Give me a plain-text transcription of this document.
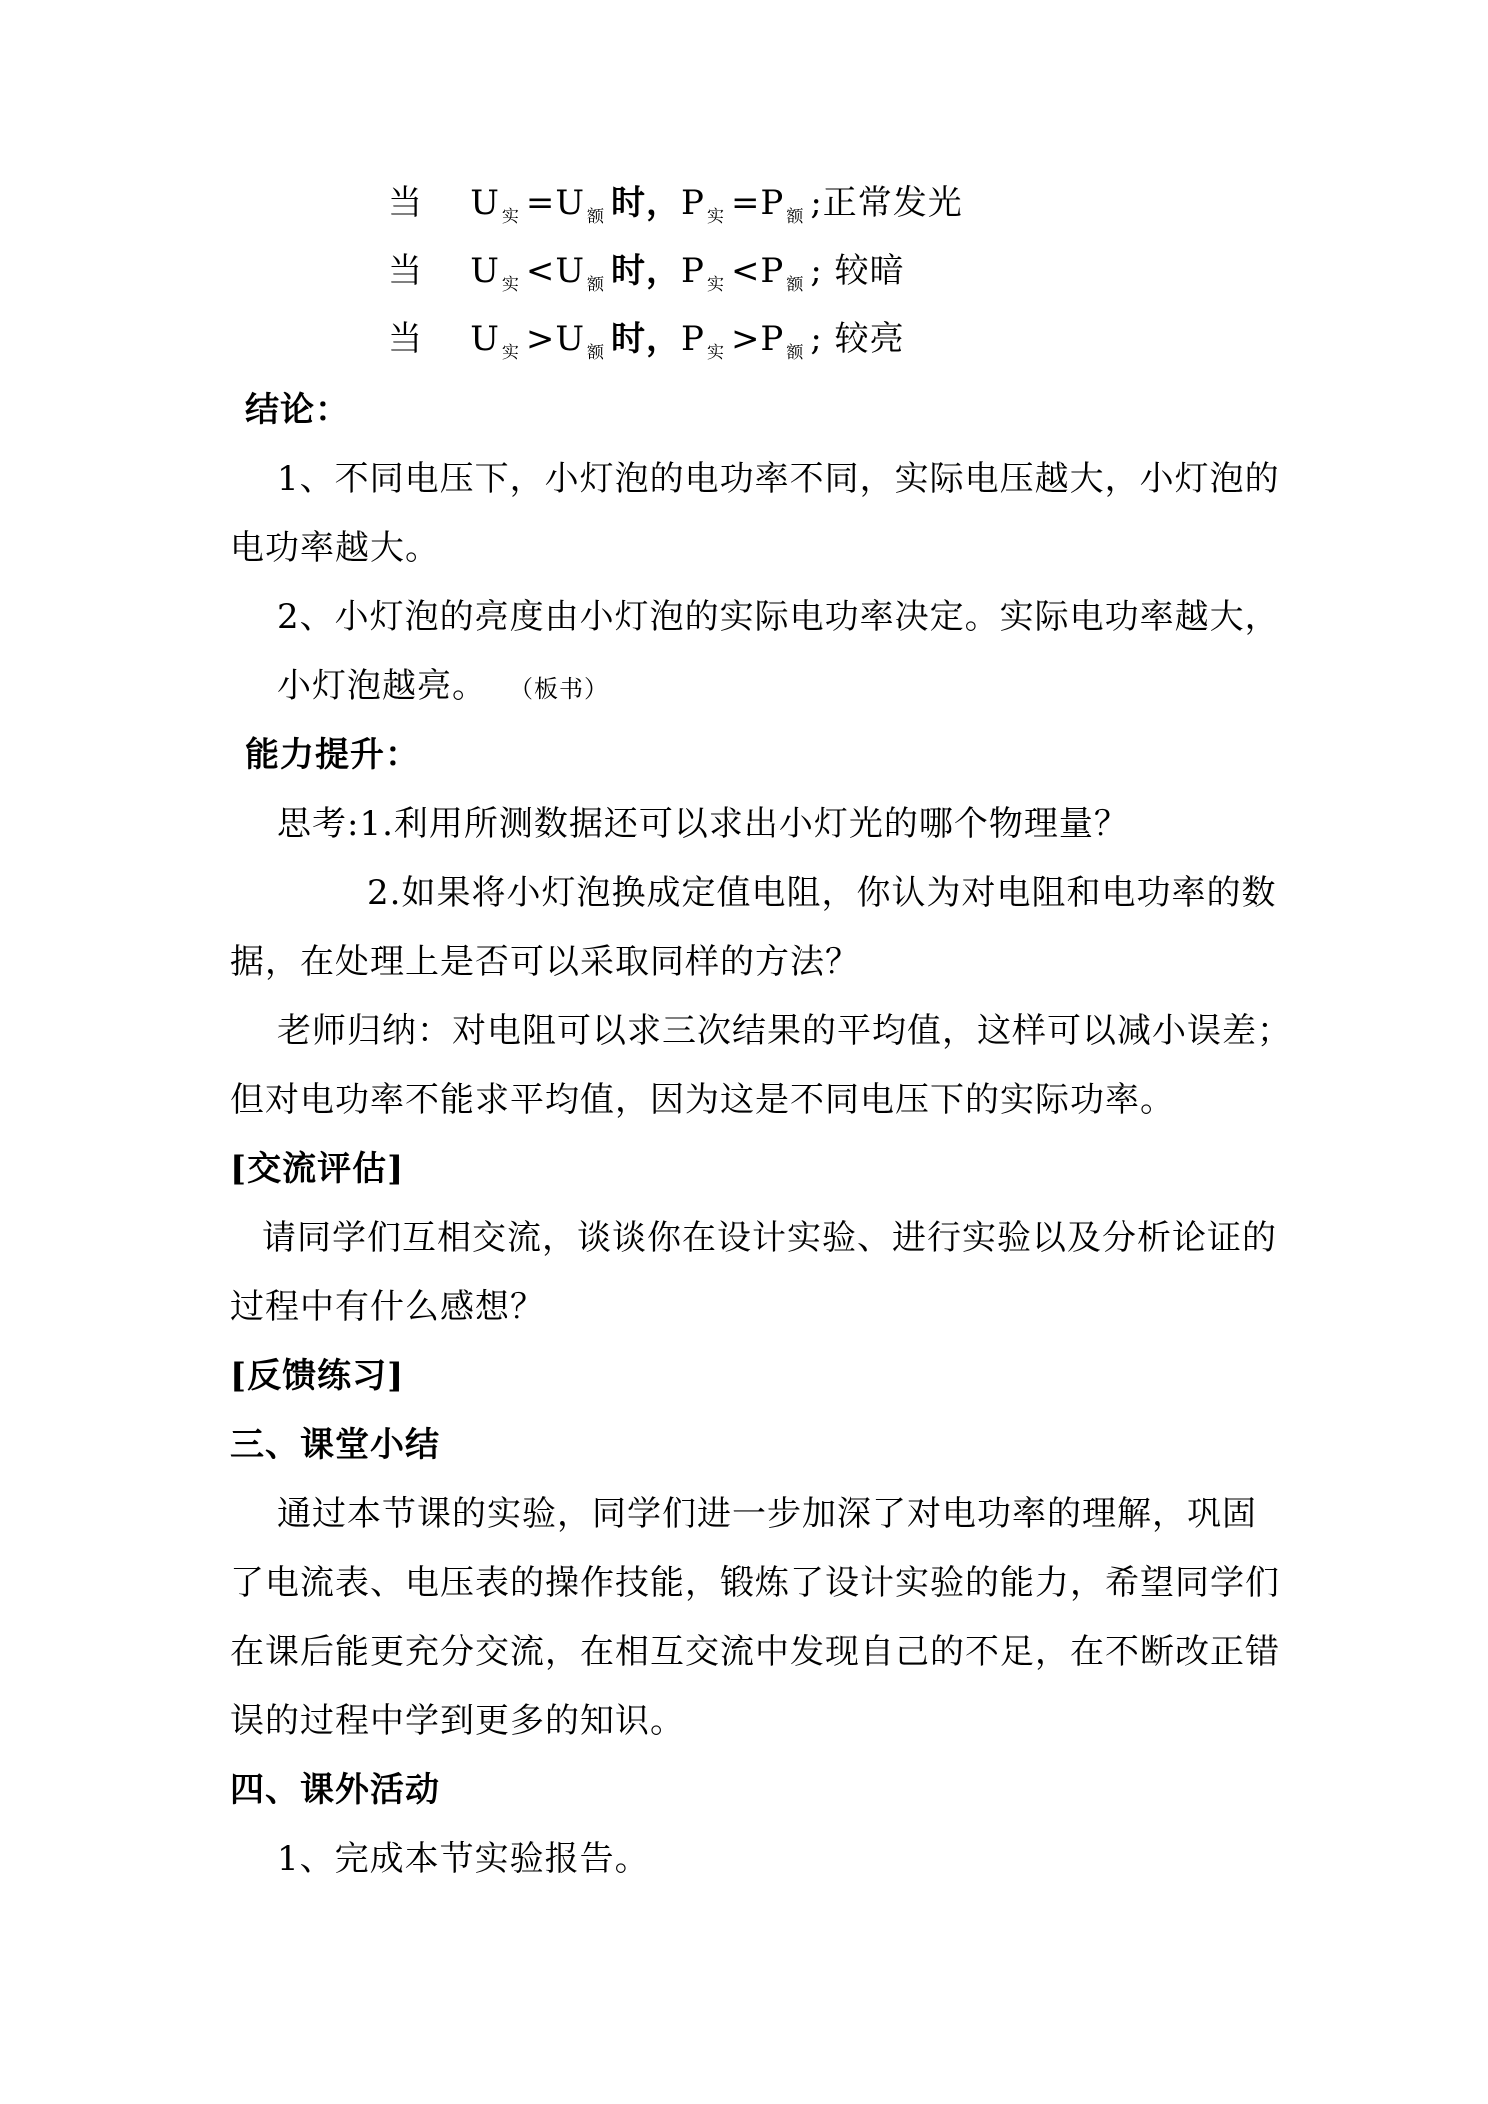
当 U $_实$ =U $_额$ 时，P $_实$ =P $_额$ ;正常发光
当 U $_实$ <U $_额$ 时，P $_实$ <P $_额$ ; 较暗
当 U $_实$ >U $_额$ 时，P $_实$ >P $_额$ ; 较亮
结论：
1、不同电压下，小灯泡的电功率不同，实际电压越大，小灯泡的
电功率越大。
2、小灯泡的亮度由小灯泡的实际电功率决定。实际电功率越大，
小灯泡越亮。 （板书）
能力提升：
思考:1.利用所测数据还可以求出小灯光的哪个物理量？
2.如果将小灯泡换成定值电阻，你认为对电阻和电功率的数
据，在处理上是否可以采取同样的方法？
老师归纳：对电阻可以求三次结果的平均值，这样可以减小误差；
但对电功率不能求平均值，因为这是不同电压下的实际功率。
[交流评估]
请同学们互相交流，谈谈你在设计实验、进行实验以及分析论证的
过程中有什么感想？
[反馈练习]
三、课堂小结
通过本节课的实验，同学们进一步加深了对电功率的理解，巩固
了电流表、电压表的操作技能，锻炼了设计实验的能力，希望同学们
在课后能更充分交流，在相互交流中发现自己的不足，在不断改正错
误的过程中学到更多的知识。
四、课外活动
1、完成本节实验报告。
